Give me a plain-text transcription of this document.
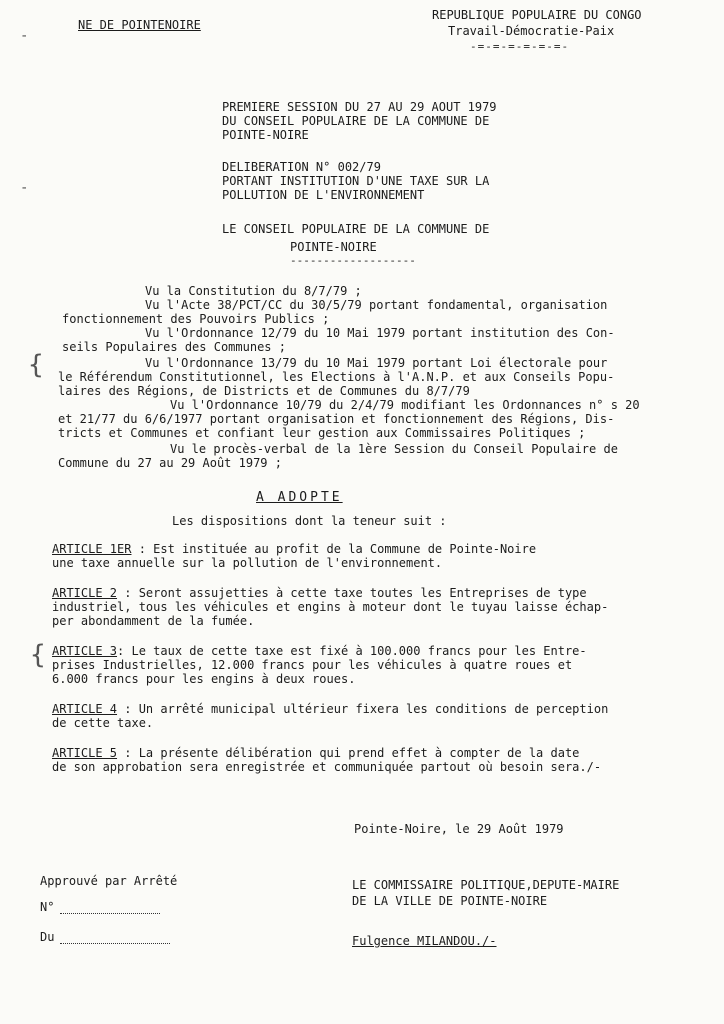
-
-
{
{
NE DE POINTENOIRE
REPUBLIQUE POPULAIRE DU CONGO
Travail-Démocratie-Paix
-=-=-=-=-=-=-
PREMIERE SESSION DU 27 AU 29 AOUT 1979
DU CONSEIL POPULAIRE DE LA COMMUNE DE
POINTE-NOIRE
DELIBERATION N° 002/79
PORTANT INSTITUTION D'UNE TAXE SUR LA
POLLUTION DE L'ENVIRONNEMENT
LE CONSEIL POPULAIRE DE LA COMMUNE DE
POINTE-NOIRE
-------------------
Vu la Constitution du 8/7/79 ;
Vu l'Acte 38/PCT/CC du 30/5/79 portant fondamental, organisation
fonctionnement des Pouvoirs Publics ;
Vu l'Ordonnance 12/79 du 10 Mai 1979 portant institution des Con-
seils Populaires des Communes ;
Vu l'Ordonnance 13/79 du 10 Mai 1979 portant Loi électorale pour
le Référendum Constitutionnel, les Elections à l'A.N.P. et aux Conseils Popu-
laires des Régions, de Districts et de Communes du 8/7/79
Vu l'Ordonnance 10/79 du 2/4/79 modifiant les Ordonnances n° s 20
et 21/77 du 6/6/1977 portant organisation et fonctionnement des Régions, Dis-
tricts et Communes et confiant leur gestion aux Commissaires Politiques ;
Vu le procès-verbal de la 1ère Session du Conseil Populaire de
Commune du 27 au 29 Août 1979 ;
A ADOPTE
Les dispositions dont la teneur suit :
ARTICLE 1ER : Est instituée au profit de la Commune de Pointe-Noire
une taxe annuelle sur la pollution de l'environnement.
ARTICLE 2 : Seront assujetties à cette taxe toutes les Entreprises de type
industriel, tous les véhicules et engins à moteur dont le tuyau laisse échap-
per abondamment de la fumée.
ARTICLE 3: Le taux de cette taxe est fixé à 100.000 francs pour les Entre-
prises Industrielles, 12.000 francs pour les véhicules à quatre roues et
6.000 francs pour les engins à deux roues.
ARTICLE 4 : Un arrêté municipal ultérieur fixera les conditions de perception
de cette taxe.
ARTICLE 5 : La présente délibération qui prend effet à compter de la date
de son approbation sera enregistrée et communiquée partout où besoin sera./-
Pointe-Noire, le 29 Août 1979
Approuvé par Arrêté
N°
Du
LE COMMISSAIRE POLITIQUE,DEPUTE-MAIRE
DE LA VILLE DE POINTE-NOIRE
Fulgence MILANDOU./-
